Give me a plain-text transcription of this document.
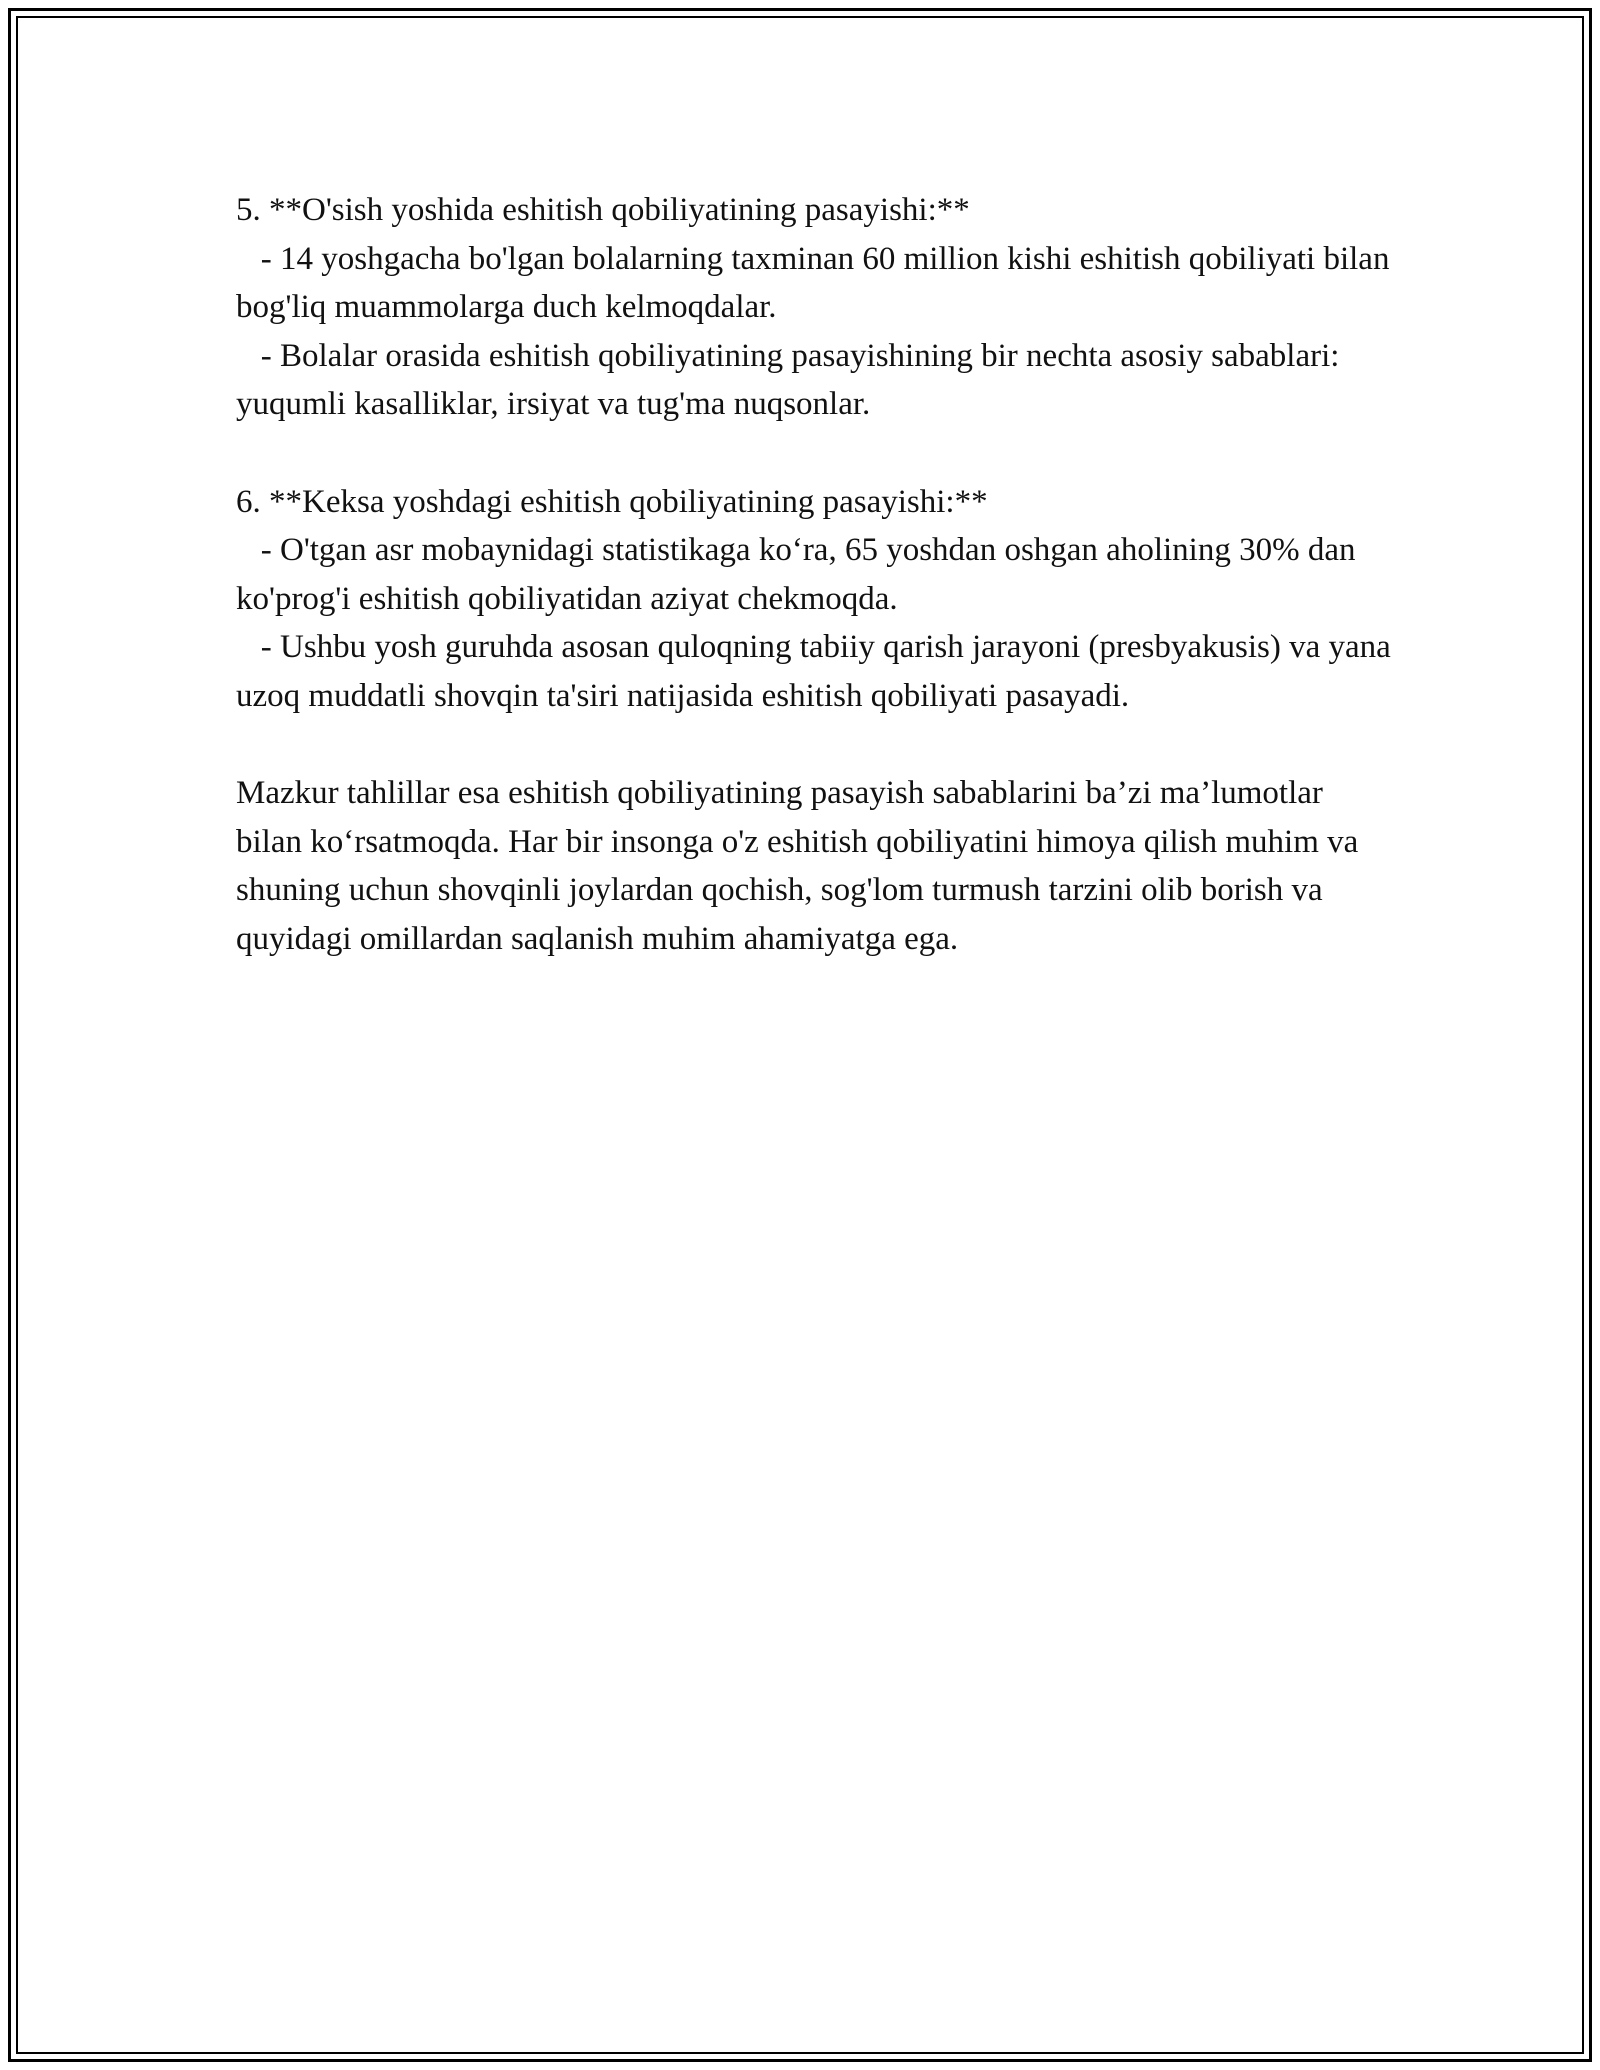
5. **O'sish yoshida eshitish qobiliyatining pasayishi:**

- 14 yoshgacha bo'lgan bolalarning taxminan 60 million kishi eshitish qobiliyati bilan bog'liq muammolarga duch kelmoqdalar.

- Bolalar orasida eshitish qobiliyatining pasayishining bir nechta asosiy sabablari: yuqumli kasalliklar, irsiyat va tug'ma nuqsonlar.

6. **Keksa yoshdagi eshitish qobiliyatining pasayishi:**

- O'tgan asr mobaynidagi statistikaga ko‘ra, 65 yoshdan oshgan aholining 30% dan ko'prog'i eshitish qobiliyatidan aziyat chekmoqda.

- Ushbu yosh guruhda asosan quloqning tabiiy qarish jarayoni (presbyakusis) va yana uzoq muddatli shovqin ta'siri natijasida eshitish qobiliyati pasayadi.

Mazkur tahlillar esa eshitish qobiliyatining pasayish sabablarini ba’zi ma’lumotlar bilan ko‘rsatmoqda. Har bir insonga o'z eshitish qobiliyatini himoya qilish muhim va shuning uchun shovqinli joylardan qochish, sog'lom turmush tarzini olib borish va quyidagi omillardan saqlanish muhim ahamiyatga ega.
